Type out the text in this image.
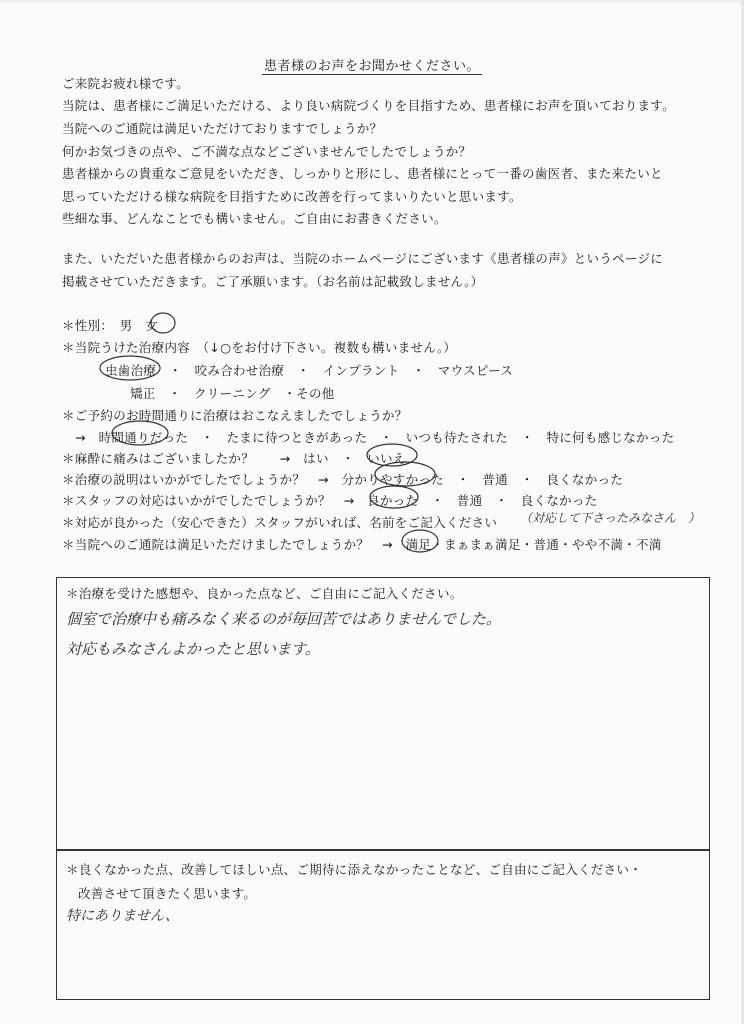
患者様のお声をお聞かせください。
ご来院お疲れ様です。
当院は、患者様にご満足いただける、より良い病院づくりを目指すため、患者様にお声を頂いております。
当院へのご通院は満足いただけておりますでしょうか？
何かお気づきの点や、ご不満な点などございませんでしたでしょうか？
患者様からの貴重なご意見をいただき、しっかりと形にし、患者様にとって一番の歯医者、また来たいと
思っていただける様な病院を目指すために改善を行ってまいりたいと思います。
些細な事、どんなことでも構いません。ご自由にお書きください。
また、いただいた患者様からのお声は、当院のホームページにございます《患者様の声》というページに
掲載させていただきます。ご了承願います。（お名前は記載致しません。）
＊性別：　男　女
＊当院うけた治療内容　（↓○をお付け下さい。複数も構いません。）
虫歯治療　・　咬み合わせ治療　・　インプラント　・　マウスピース
矯正　・　クリーニング　・その他
＊ご予約のお時間通りに治療はおこなえましたでしょうか？
→　時間通りだった　・　たまに待つときがあった　・　いつも待たされた　・　特に何も感じなかった
＊麻酔に痛みはございましたか？　　→　はい　・　いいえ
＊治療の説明はいかがでしたでしょうか？　→　分かりやすかった　・　普通　・　良くなかった
＊スタッフの対応はいかがでしたでしょうか？　→　良かった　・　普通　・　良くなかった
＊対応が良かった（安心できた）スタッフがいれば、名前をご記入ください （対応して下さったみなさん　）
＊当院へのご通院は満足いただけましたでしょうか？　→　満足・まぁまぁ満足・普通・やや不満・不満
＊治療を受けた感想や、良かった点など、ご自由にご記入ください。
個室で治療中も痛みなく来るのが毎回苦ではありませんでした。
対応もみなさんよかったと思います。
＊良くなかった点、改善してほしい点、ご期待に添えなかったことなど、ご自由にご記入ください・
改善させて頂きたく思います。
特にありません、
